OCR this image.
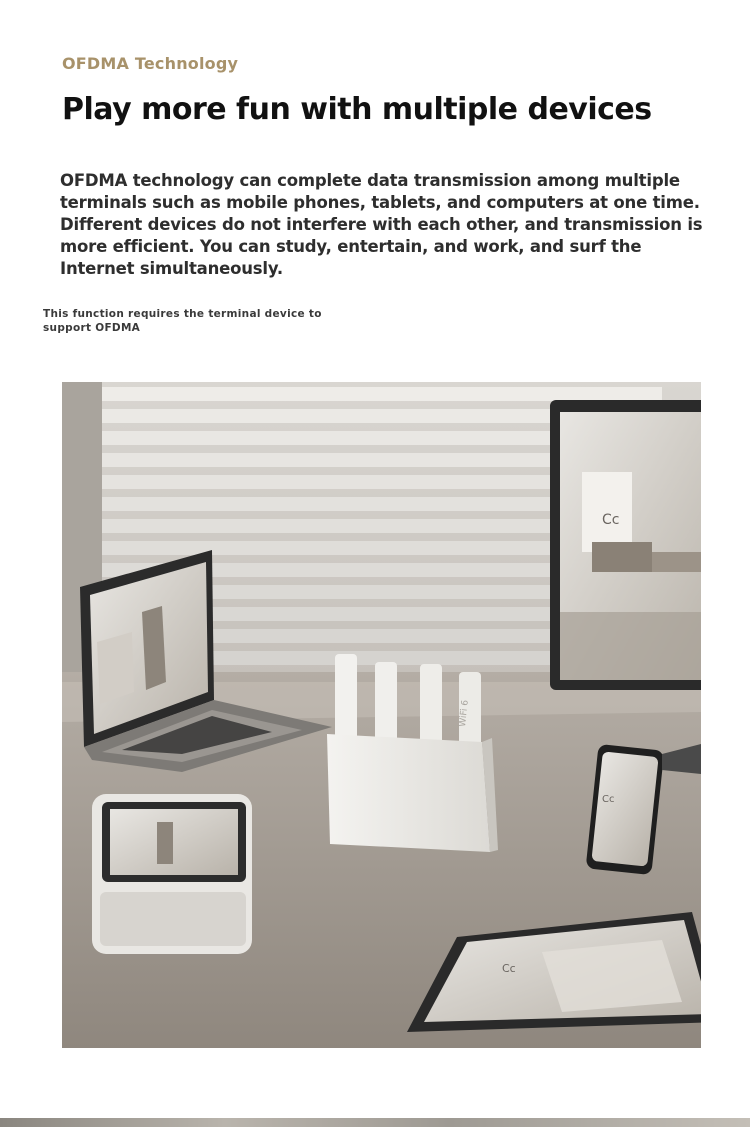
OFDMA Technology
Play more fun with multiple devices

OFDMA technology can complete data transmission among multiple terminals such as mobile phones, tablets, and computers at one time. Different devices do not interfere with each other, and transmission is more efficient. You can study, entertain, and work, and surf the Internet simultaneously.

This function requires the terminal device to support OFDMA

Cc
WiFi 6
Cc
Cc
